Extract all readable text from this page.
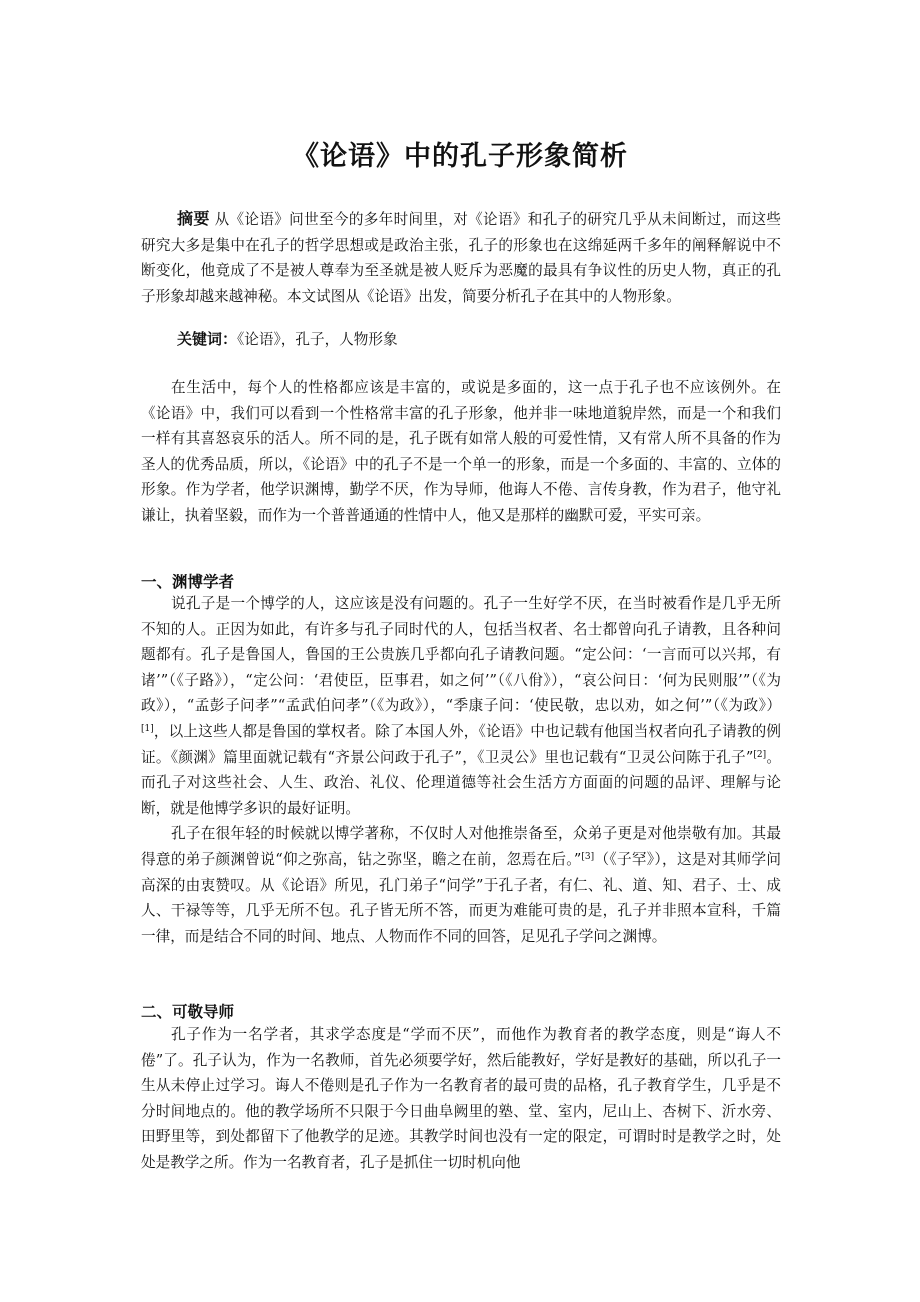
《论语》中的孔子形象简析

摘要 从《论语》问世至今的多年时间里，对《论语》和孔子的研究几乎从未间断过，而这些研究大多是集中在孔子的哲学思想或是政治主张，孔子的形象也在这绵延两千多年的阐释解说中不断变化，他竟成了不是被人尊奉为至圣就是被人贬斥为恶魔的最具有争议性的历史人物，真正的孔子形象却越来越神秘。本文试图从《论语》出发，简要分析孔子在其中的人物形象。

关键词：《论语》，孔子，人物形象

在生活中，每个人的性格都应该是丰富的，或说是多面的，这一点于孔子也不应该例外。在《论语》中，我们可以看到一个性格常丰富的孔子形象，他并非一味地道貌岸然，而是一个和我们一样有其喜怒哀乐的活人。所不同的是，孔子既有如常人般的可爱性情，又有常人所不具备的作为圣人的优秀品质，所以，《论语》中的孔子不是一个单一的形象，而是一个多面的、丰富的、立体的形象。作为学者，他学识渊博，勤学不厌，作为导师，他诲人不倦、言传身教，作为君子，他守礼谦让，执着坚毅，而作为一个普普通通的性情中人，他又是那样的幽默可爱，平实可亲。

一、渊博学者

说孔子是一个博学的人，这应该是没有问题的。孔子一生好学不厌，在当时被看作是几乎无所不知的人。正因为如此，有许多与孔子同时代的人，包括当权者、名士都曾向孔子请教，且各种问题都有。孔子是鲁国人，鲁国的王公贵族几乎都向孔子请教问题。“定公问：‘一言而可以兴邦，有诸’”（《子路》），“定公问：‘君使臣，臣事君，如之何’”（《八佾》），“哀公问日：‘何为民则服’”（《为政》），“孟彭子问孝”“孟武伯问孝”（《为政》），“季康子问：‘使民敬，忠以劝，如之何’”（《为政》）[1]，以上这些人都是鲁国的掌权者。除了本国人外，《论语》中也记载有他国当权者向孔子请教的例证。《颜渊》篇里面就记载有“齐景公问政于孔子”，《卫灵公》里也记载有“卫灵公问陈于孔子”[2]。而孔子对这些社会、人生、政治、礼仪、伦理道德等社会生活方方面面的问题的品评、理解与论断，就是他博学多识的最好证明。

孔子在很年轻的时候就以博学著称，不仅时人对他推崇备至，众弟子更是对他崇敬有加。其最得意的弟子颜渊曾说“仰之弥高，钻之弥坚，瞻之在前，忽焉在后。”[3]（《子罕》），这是对其师学问高深的由衷赞叹。从《论语》所见，孔门弟子“问学”于孔子者，有仁、礼、道、知、君子、士、成人、干禄等等，几乎无所不包。孔子皆无所不答，而更为难能可贵的是，孔子并非照本宣科，千篇一律，而是结合不同的时间、地点、人物而作不同的回答，足见孔子学问之渊博。

二、可敬导师

孔子作为一名学者，其求学态度是“学而不厌”，而他作为教育者的教学态度，则是“诲人不倦”了。孔子认为，作为一名教师，首先必须要学好，然后能教好，学好是教好的基础，所以孔子一生从未停止过学习。诲人不倦则是孔子作为一名教育者的最可贵的品格，孔子教育学生，几乎是不分时间地点的。他的教学场所不只限于今日曲阜阙里的塾、堂、室内，尼山上、杏树下、沂水旁、田野里等，到处都留下了他教学的足迹。其教学时间也没有一定的限定，可谓时时是教学之时，处处是教学之所。作为一名教育者，孔子是抓住一切时机向他
